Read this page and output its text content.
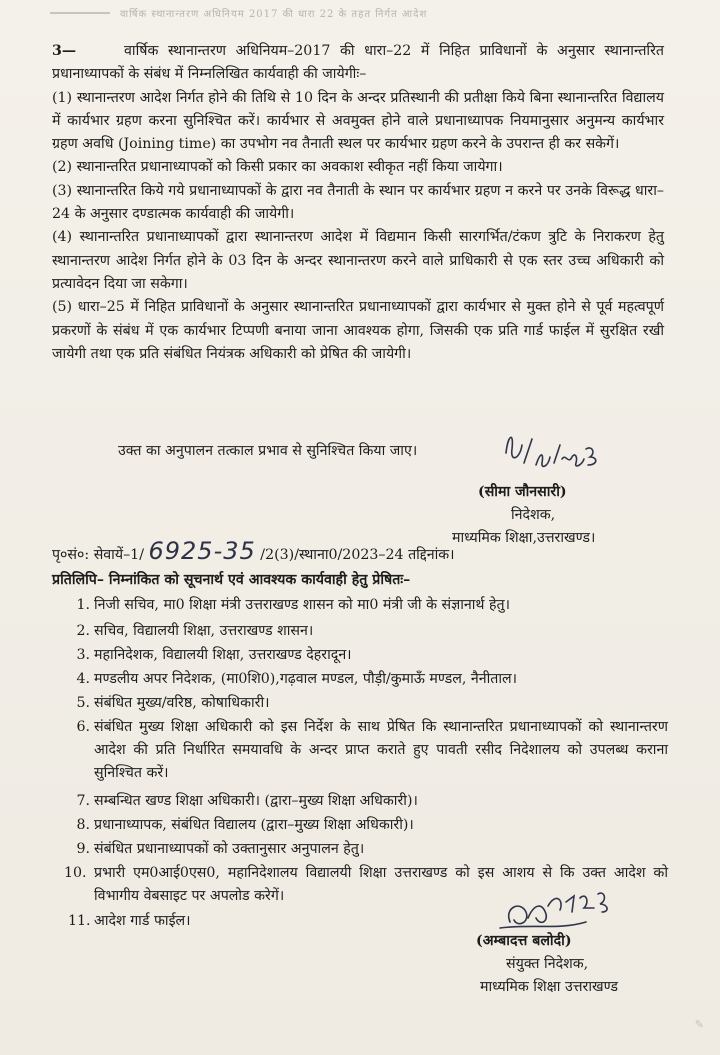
वार्षिक स्थानान्तरण अधिनियम 2017 की धारा 22 के तहत निर्गत आदेश

3—	वार्षिक स्थानान्तरण अधिनियम–2017 की धारा–22 में निहित प्राविधानों के अनुसार स्थानान्तरित प्रधानाध्यापकों के संबंध में निम्नलिखित कार्यवाही की जायेगीः–

(1) स्थानान्तरण आदेश निर्गत होने की तिथि से 10 दिन के अन्दर प्रतिस्थानी की प्रतीक्षा किये बिना स्थानान्तरित विद्यालय में कार्यभार ग्रहण करना सुनिश्चित करें। कार्यभार से अवमुक्त होने वाले प्रधानाध्यापक नियमानुसार अनुमन्य कार्यभार ग्रहण अवधि (Joining time) का उपभोग नव तैनाती स्थल पर कार्यभार ग्रहण करने के उपरान्त ही कर सकेगें।

(2) स्थानान्तरित प्रधानाध्यापकों को किसी प्रकार का अवकाश स्वीकृत नहीं किया जायेगा।

(3) स्थानान्तरित किये गये प्रधानाध्यापकों के द्वारा नव तैनाती के स्थान पर कार्यभार ग्रहण न करने पर उनके विरूद्ध धारा–24 के अनुसार दण्डात्मक कार्यवाही की जायेगी।

(4) स्थानान्तरित प्रधानाध्यापकों द्वारा स्थानान्तरण आदेश में विद्यमान किसी सारगर्भित/टंकण त्रुटि के निराकरण हेतु स्थानान्तरण आदेश निर्गत होने के 03 दिन के अन्दर स्थानान्तरण करने वाले प्राधिकारी से एक स्तर उच्च अधिकारी को प्रत्यावेदन दिया जा सकेगा।

(5) धारा–25 में निहित प्राविधानों के अनुसार स्थानान्तरित प्रधानाध्यापकों द्वारा कार्यभार से मुक्त होने से पूर्व महत्वपूर्ण प्रकरणों के संबंध में एक कार्यभार टिप्पणी बनाया जाना आवश्यक होगा, जिसकी एक प्रति गार्ड फाईल में सुरक्षित रखी जायेगी तथा एक प्रति संबंधित नियंत्रक अधिकारी को प्रेषित की जायेगी।

उक्त का अनुपालन तत्काल प्रभाव से सुनिश्चित किया जाए।
(सीमा जौनसारी)
निदेशक,
माध्यमिक शिक्षा,उत्तराखण्ड।
पृ०सं०: सेवायें–1/ 6925-35 /2(3)/स्थाना0/2023–24 तद्दिनांक।
प्रतिलिपि– निम्नांकित को सूचनार्थ एवं आवश्यक कार्यवाही हेतु प्रेषितः–
1. निजी सचिव, मा0 शिक्षा मंत्री उत्तराखण्ड शासन को मा0 मंत्री जी के संज्ञानार्थ हेतु।
2. सचिव, विद्यालयी शिक्षा, उत्तराखण्ड शासन।
3. महानिदेशक, विद्यालयी शिक्षा, उत्तराखण्ड देहरादून।
4. मण्डलीय अपर निदेशक, (मा0शि0),गढ़वाल मण्डल, पौड़ी/कुमाऊँ मण्डल, नैनीताल।
5. संबंधित मुख्य/वरिष्ठ, कोषाधिकारी।
6. संबंधित मुख्य शिक्षा अधिकारी को इस निर्देश के साथ प्रेषित कि स्थानान्तरित प्रधानाध्यापकों को स्थानान्तरण आदेश की प्रति निर्धारित समयावधि के अन्दर प्राप्त कराते हुए पावती रसीद निदेशालय को उपलब्ध कराना सुनिश्चित करें।
7. सम्बन्धित खण्ड शिक्षा अधिकारी। (द्वारा–मुख्य शिक्षा अधिकारी)।
8. प्रधानाध्यापक, संबंधित विद्यालय (द्वारा–मुख्य शिक्षा अधिकारी)।
9. संबंधित प्रधानाध्यापकों को उक्तानुसार अनुपालन हेतु।
10. प्रभारी एम0आई0एस0, महानिदेशालय विद्यालयी शिक्षा उत्तराखण्ड को इस आशय से कि उक्त आदेश को विभागीय वेबसाइट पर अपलोड करेगें।
11. आदेश गार्ड फाईल।
(अम्बादत्त बलोदी)
संयुक्त निदेशक,
माध्यमिक शिक्षा उत्तराखण्ड
✎
